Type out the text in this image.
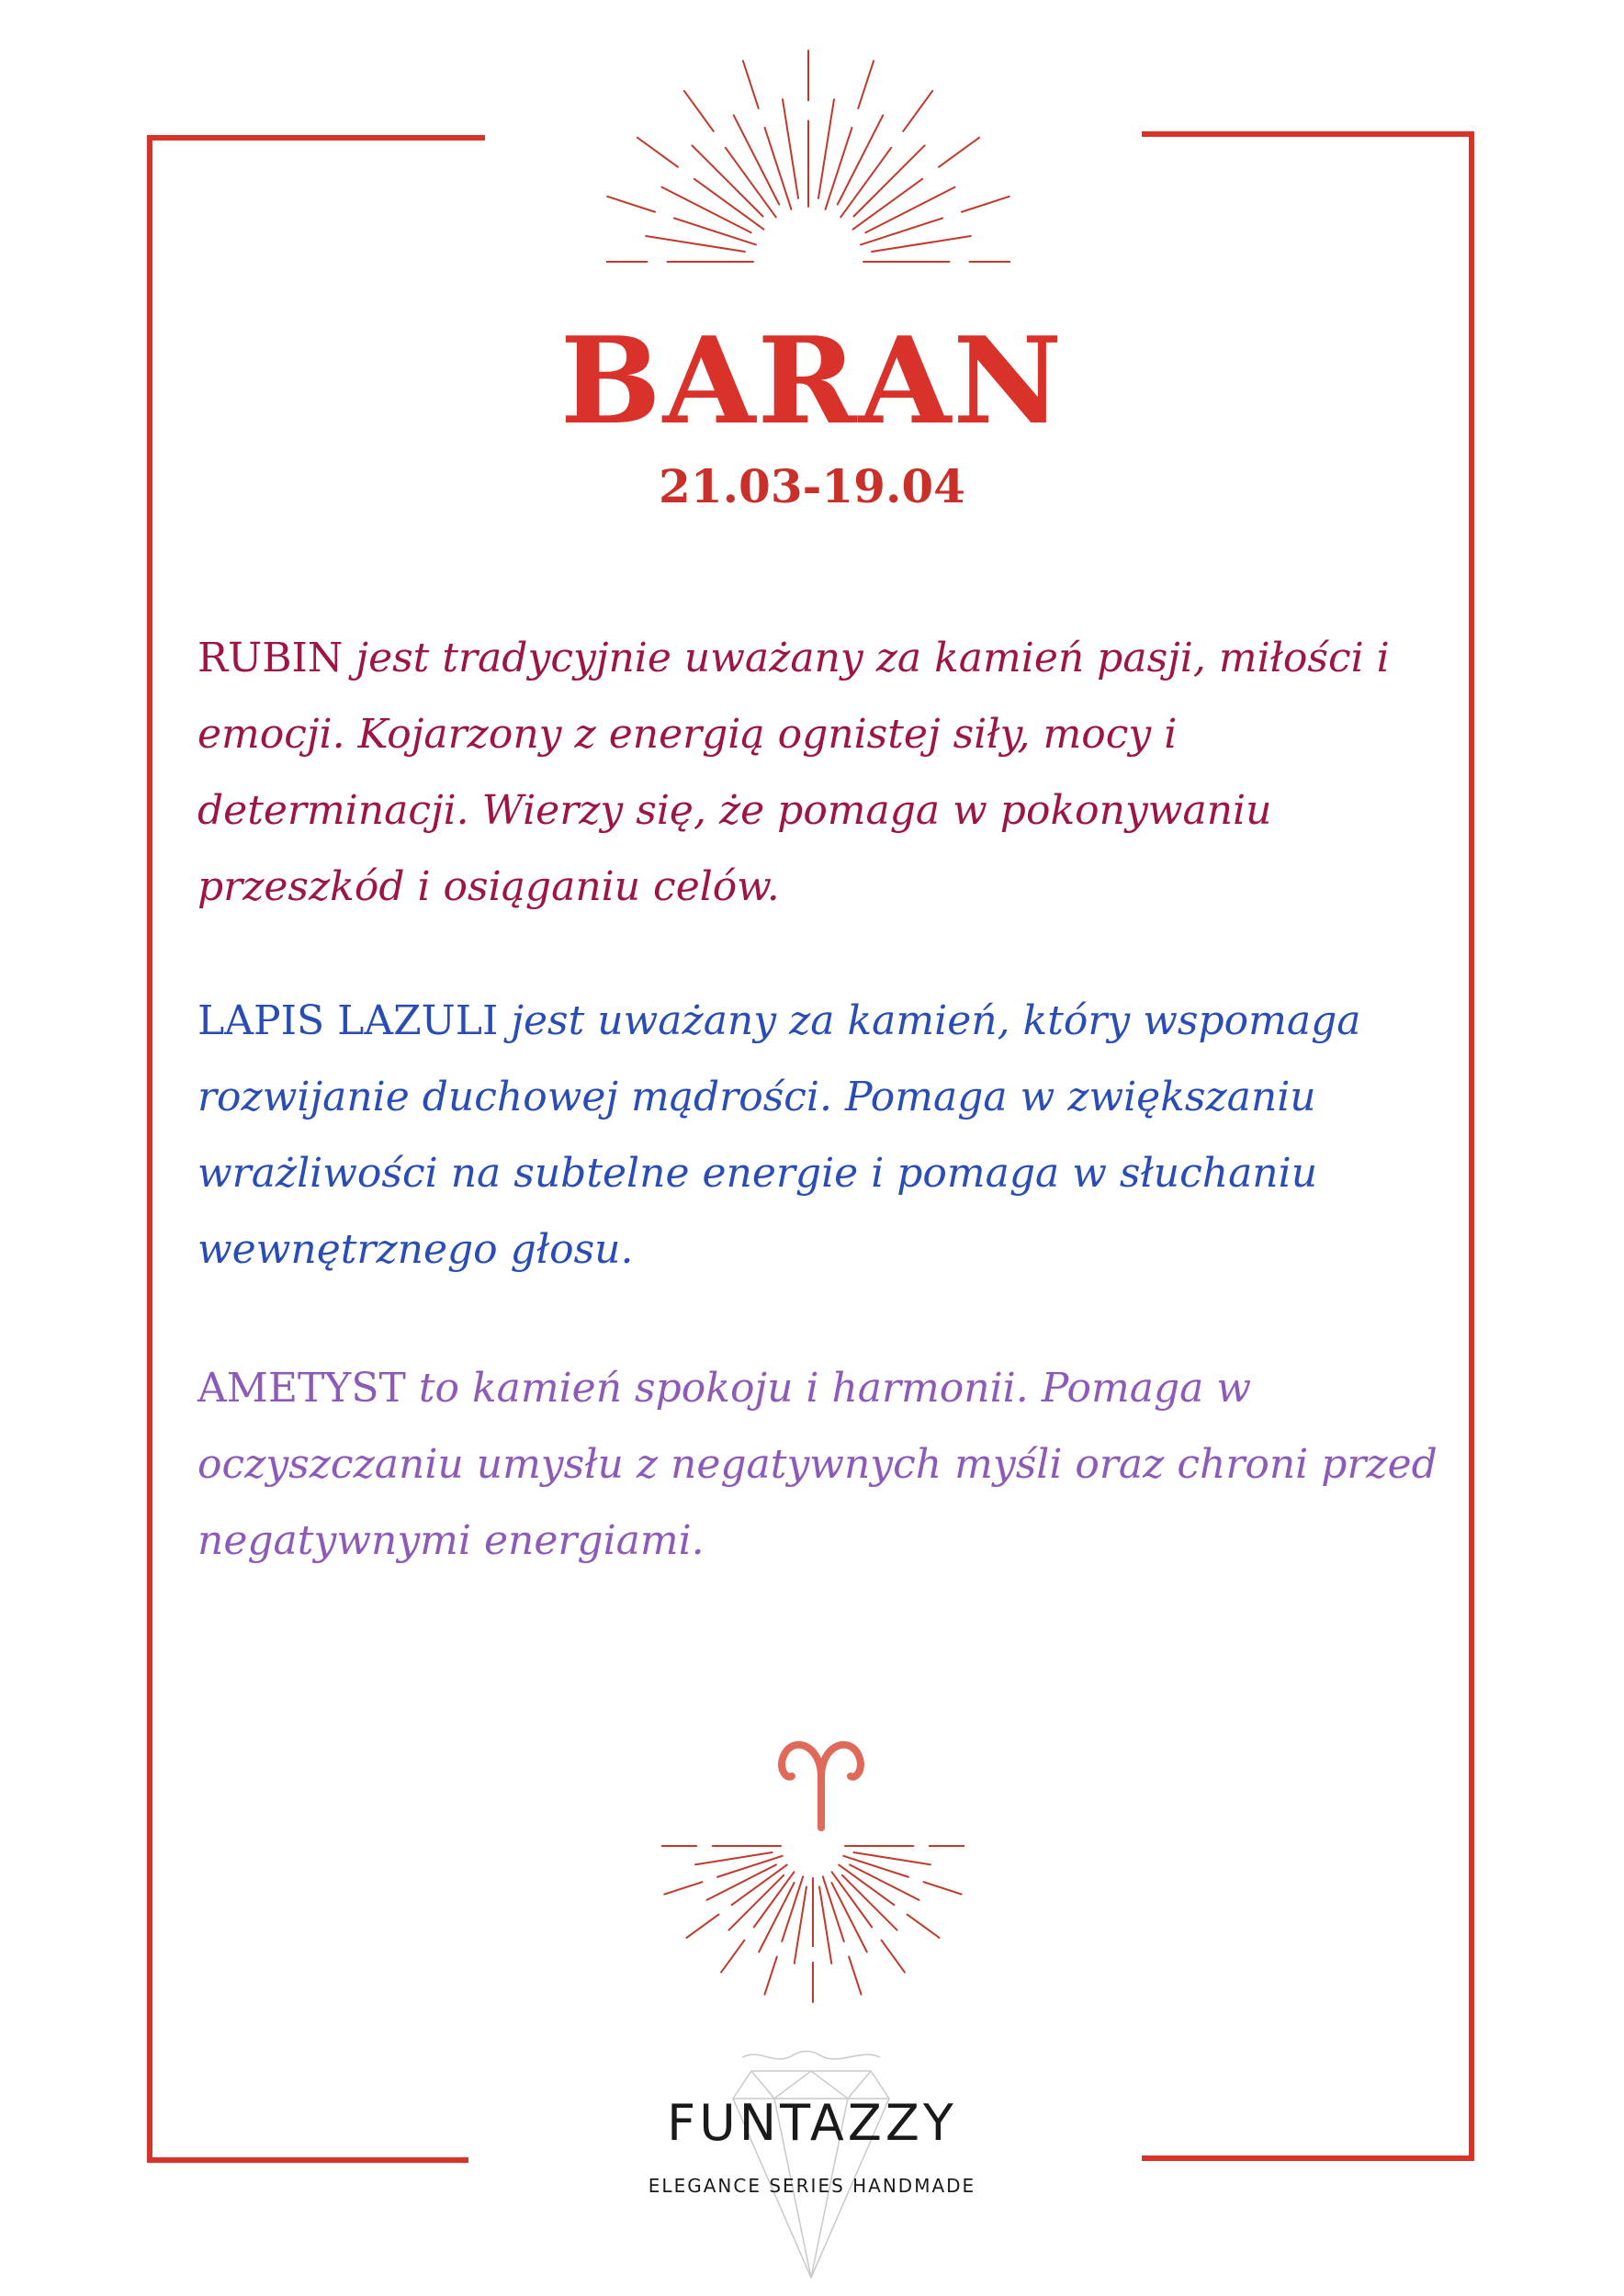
BARAN
21.03-19.04

RUBIN jest tradycyjnie uważany za kamień pasji, miłości i emocji. Kojarzony z energią ognistej siły, mocy i determinacji. Wierzy się, że pomaga w pokonywaniu przeszkód i osiąganiu celów.

LAPIS LAZULI jest uważany za kamień, który wspomaga rozwijanie duchowej mądrości. Pomaga w zwiększaniu wrażliwości na subtelne energie i pomaga w słuchaniu wewnętrznego głosu.

AMETYST to kamień spokoju i harmonii. Pomaga w oczyszczaniu umysłu z negatywnych myśli oraz chroni przed negatywnymi energiami.

FUNTAZZY
ELEGANCE SERIES HANDMADE
